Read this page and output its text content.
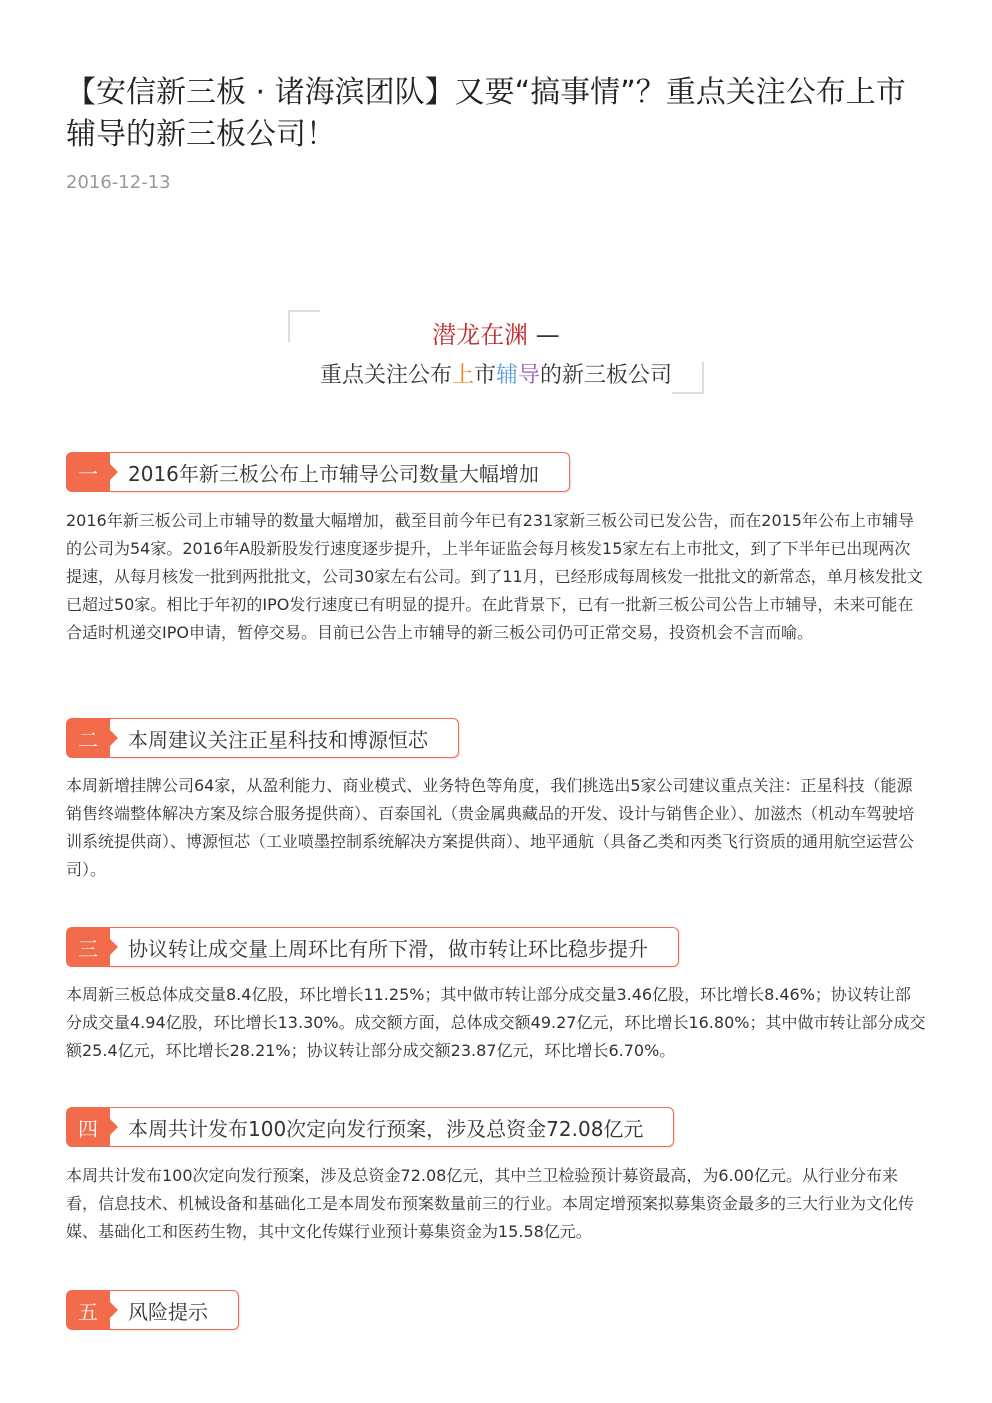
【安信新三板 · 诸海滨团队】又要“搞事情”？重点关注公布上市辅导的新三板公司！
2016-12-13
潜龙在渊 —
重点关注公布上市辅导的新三板公司
一	2016年新三板公布上市辅导公司数量大幅增加

2016年新三板公司上市辅导的数量大幅增加，截至目前今年已有231家新三板公司已发公告，而在2015年公布上市辅导的公司为54家。2016年A股新股发行速度逐步提升，上半年证监会每月核发15家左右上市批文，到了下半年已出现两次提速，从每月核发一批到两批批文，公司30家左右公司。到了11月，已经形成每周核发一批批文的新常态，单月核发批文已超过50家。相比于年初的IPO发行速度已有明显的提升。在此背景下，已有一批新三板公司公告上市辅导，未来可能在合适时机递交IPO申请，暂停交易。目前已公告上市辅导的新三板公司仍可正常交易，投资机会不言而喻。

二	本周建议关注正星科技和博源恒芯

本周新增挂牌公司64家，从盈利能力、商业模式、业务特色等角度，我们挑选出5家公司建议重点关注：正星科技（能源销售终端整体解决方案及综合服务提供商）、百泰国礼（贵金属典藏品的开发、设计与销售企业）、加滋杰（机动车驾驶培训系统提供商）、博源恒芯（工业喷墨控制系统解决方案提供商）、地平通航（具备乙类和丙类飞行资质的通用航空运营公司）。

三	协议转让成交量上周环比有所下滑，做市转让环比稳步提升

本周新三板总体成交量8.4亿股，环比增长11.25%；其中做市转让部分成交量3.46亿股，环比增长8.46%；协议转让部分成交量4.94亿股，环比增长13.30%。成交额方面，总体成交额49.27亿元，环比增长16.80%；其中做市转让部分成交额25.4亿元，环比增长28.21%；协议转让部分成交额23.87亿元，环比增长6.70%。

四	本周共计发布100次定向发行预案，涉及总资金72.08亿元

本周共计发布100次定向发行预案，涉及总资金72.08亿元，其中兰卫检验预计募资最高，为6.00亿元。从行业分布来看，信息技术、机械设备和基础化工是本周发布预案数量前三的行业。本周定增预案拟募集资金最多的三大行业为文化传媒、基础化工和医药生物，其中文化传媒行业预计募集资金为15.58亿元。

五	风险提示
